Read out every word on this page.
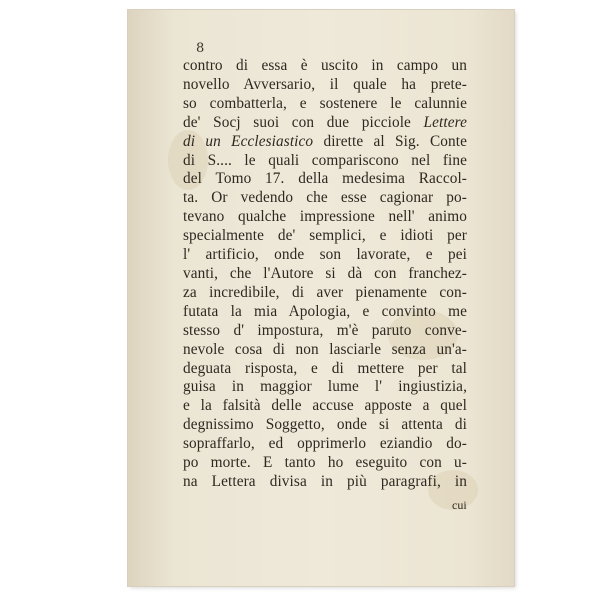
8
contro di essa è uscito in campo un
novello Avversario, il quale ha prete-
so combatterla, e sostenere le calunnie
de' Socj suoi con due picciole Lettere
di un Ecclesiastico dirette al Sig. Conte
di S.... le quali compariscono nel fine
del Tomo 17. della medesima Raccol-
ta. Or vedendo che esse cagionar po-
tevano qualche impressione nell' animo
specialmente de' semplici, e idioti per
l' artificio, onde son lavorate, e pei
vanti, che l'Autore si dà con franchez-
za incredibile, di aver pienamente con-
futata la mia Apologia, e convinto me
stesso d' impostura, m'è paruto conve-
nevole cosa di non lasciarle senza un'a-
deguata risposta, e di mettere per tal
guisa in maggior lume l' ingiustizia,
e la falsità delle accuse apposte a quel
degnissimo Soggetto, onde si attenta di
sopraffarlo, ed opprimerlo eziandio do-
po morte. E tanto ho eseguito con u-
na Lettera divisa in più paragrafi, in
cui
